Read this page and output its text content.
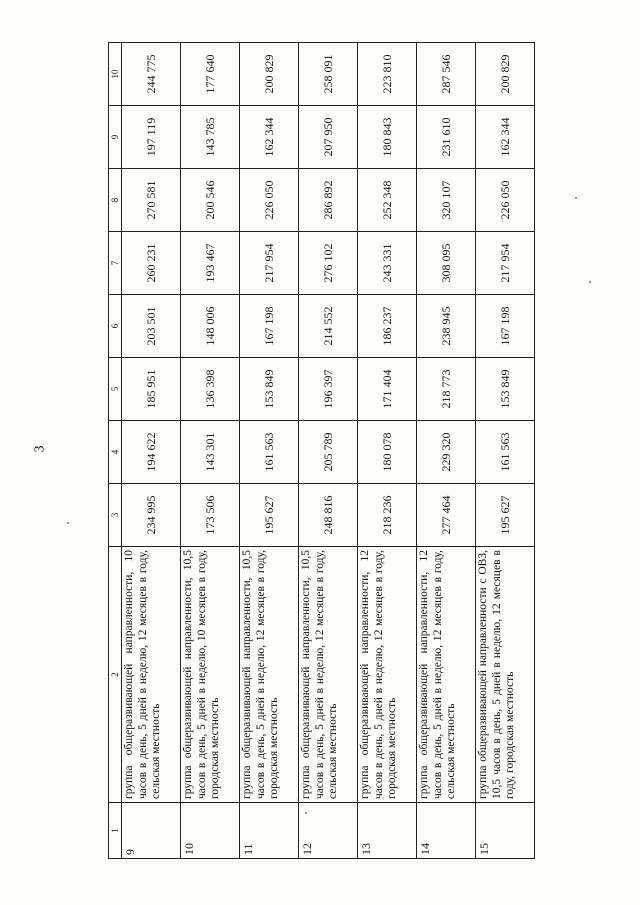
3
1	2	3	4	5	6	7	8	9	10
9	группа общеразвивающей направленности, 10 часов в день, 5 дней в неделю, 12 месяцев в году, сельская местность	234 995	194 622	185 951	203 501	260 231	270 581	197 119	244 775
10	группа общеразвивающей направленности, 10,5 часов в день, 5 дней в неделю, 10 месяцев в году, городская местность	173 506	143 301	136 398	148 006	193 467	200 546	143 785	177 640
11	группа общеразвивающей направленности, 10,5 часов в день, 5 дней в неделю, 12 месяцев в году, городская местность	195 627	161 563	153 849	167 198	217 954	226 050	162 344	200 829
12	группа общеразвивающей направленности, 10,5 часов в день, 5 дней в неделю, 12 месяцев в году, сельская местность	248 816	205 789	196 397	214 552	276 102	286 892	207 950	258 091
13	группа общеразвивающей направленности, 12 часов в день, 5 дней в неделю, 12 месяцев в году, городская местность	218 236	180 078	171 404	186 237	243 331	252 348	180 843	223 810
14	группа общеразвивающей направленности, 12 часов в день, 5 дней в неделю, 12 месяцев в году, сельская местность	277 464	229 320	218 773	238 945	308 095	320 107	231 610	287 546
15	группа общеразвивающей направленности с ОВЗ, 10,5 часов в день, 5 дней в неделю, 12 месяцев в году, городская местность	195 627	161 563	153 849	167 198	217 954	226 050	162 344	200 829
